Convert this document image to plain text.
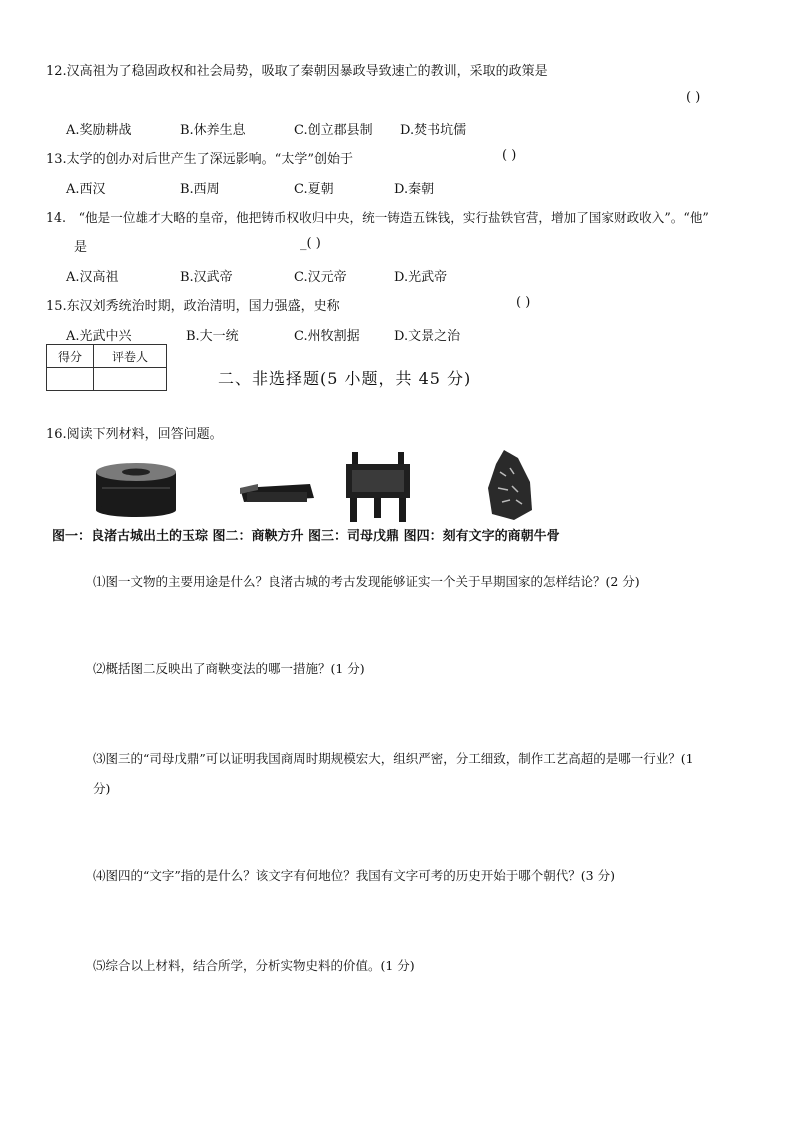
12.汉高祖为了稳固政权和社会局势，吸取了秦朝因暴政导致速亡的教训，采取的政策是
( )
A.奖励耕战	B.休养生息	C.创立郡县制 D.焚书坑儒
13.太学的创办对后世产生了深远影响。“太学”创始于	( )
A.西汉	B.西周	C.夏朝	D.秦朝
14.　“他是一位雄才大略的皇帝，他把铸币权收归中央，统一铸造五铢钱，实行盐铁官营，增加了国家财政收入”。“他”
是	_( )
A.汉高祖	B.汉武帝	C.汉元帝	D.光武帝
15.东汉刘秀统治时期，政治清明，国力强盛，史称	( )
A.光武中兴	B.大一统	C.州牧割据	D.文景之治
得分	评卷人

二、非选择题(5 小题，共 45 分)
16.阅读下列材料，回答问题。
图一：良渚古城出土的玉琮 图二：商鞅方升 图三：司母戊鼎 图四：刻有文字的商朝牛骨
⑴图一文物的主要用途是什么？良渚古城的考古发现能够证实一个关于早期国家的怎样结论？(2 分)
⑵概括图二反映出了商鞅变法的哪一措施？(1 分)
⑶图三的“司母戊鼎”可以证明我国商周时期规模宏大，组织严密，分工细致，制作工艺高超的是哪一行业？(1
分)
⑷图四的“文字”指的是什么？该文字有何地位？我国有文字可考的历史开始于哪个朝代？(3 分)
⑸综合以上材料，结合所学，分析实物史料的价值。(1 分)
